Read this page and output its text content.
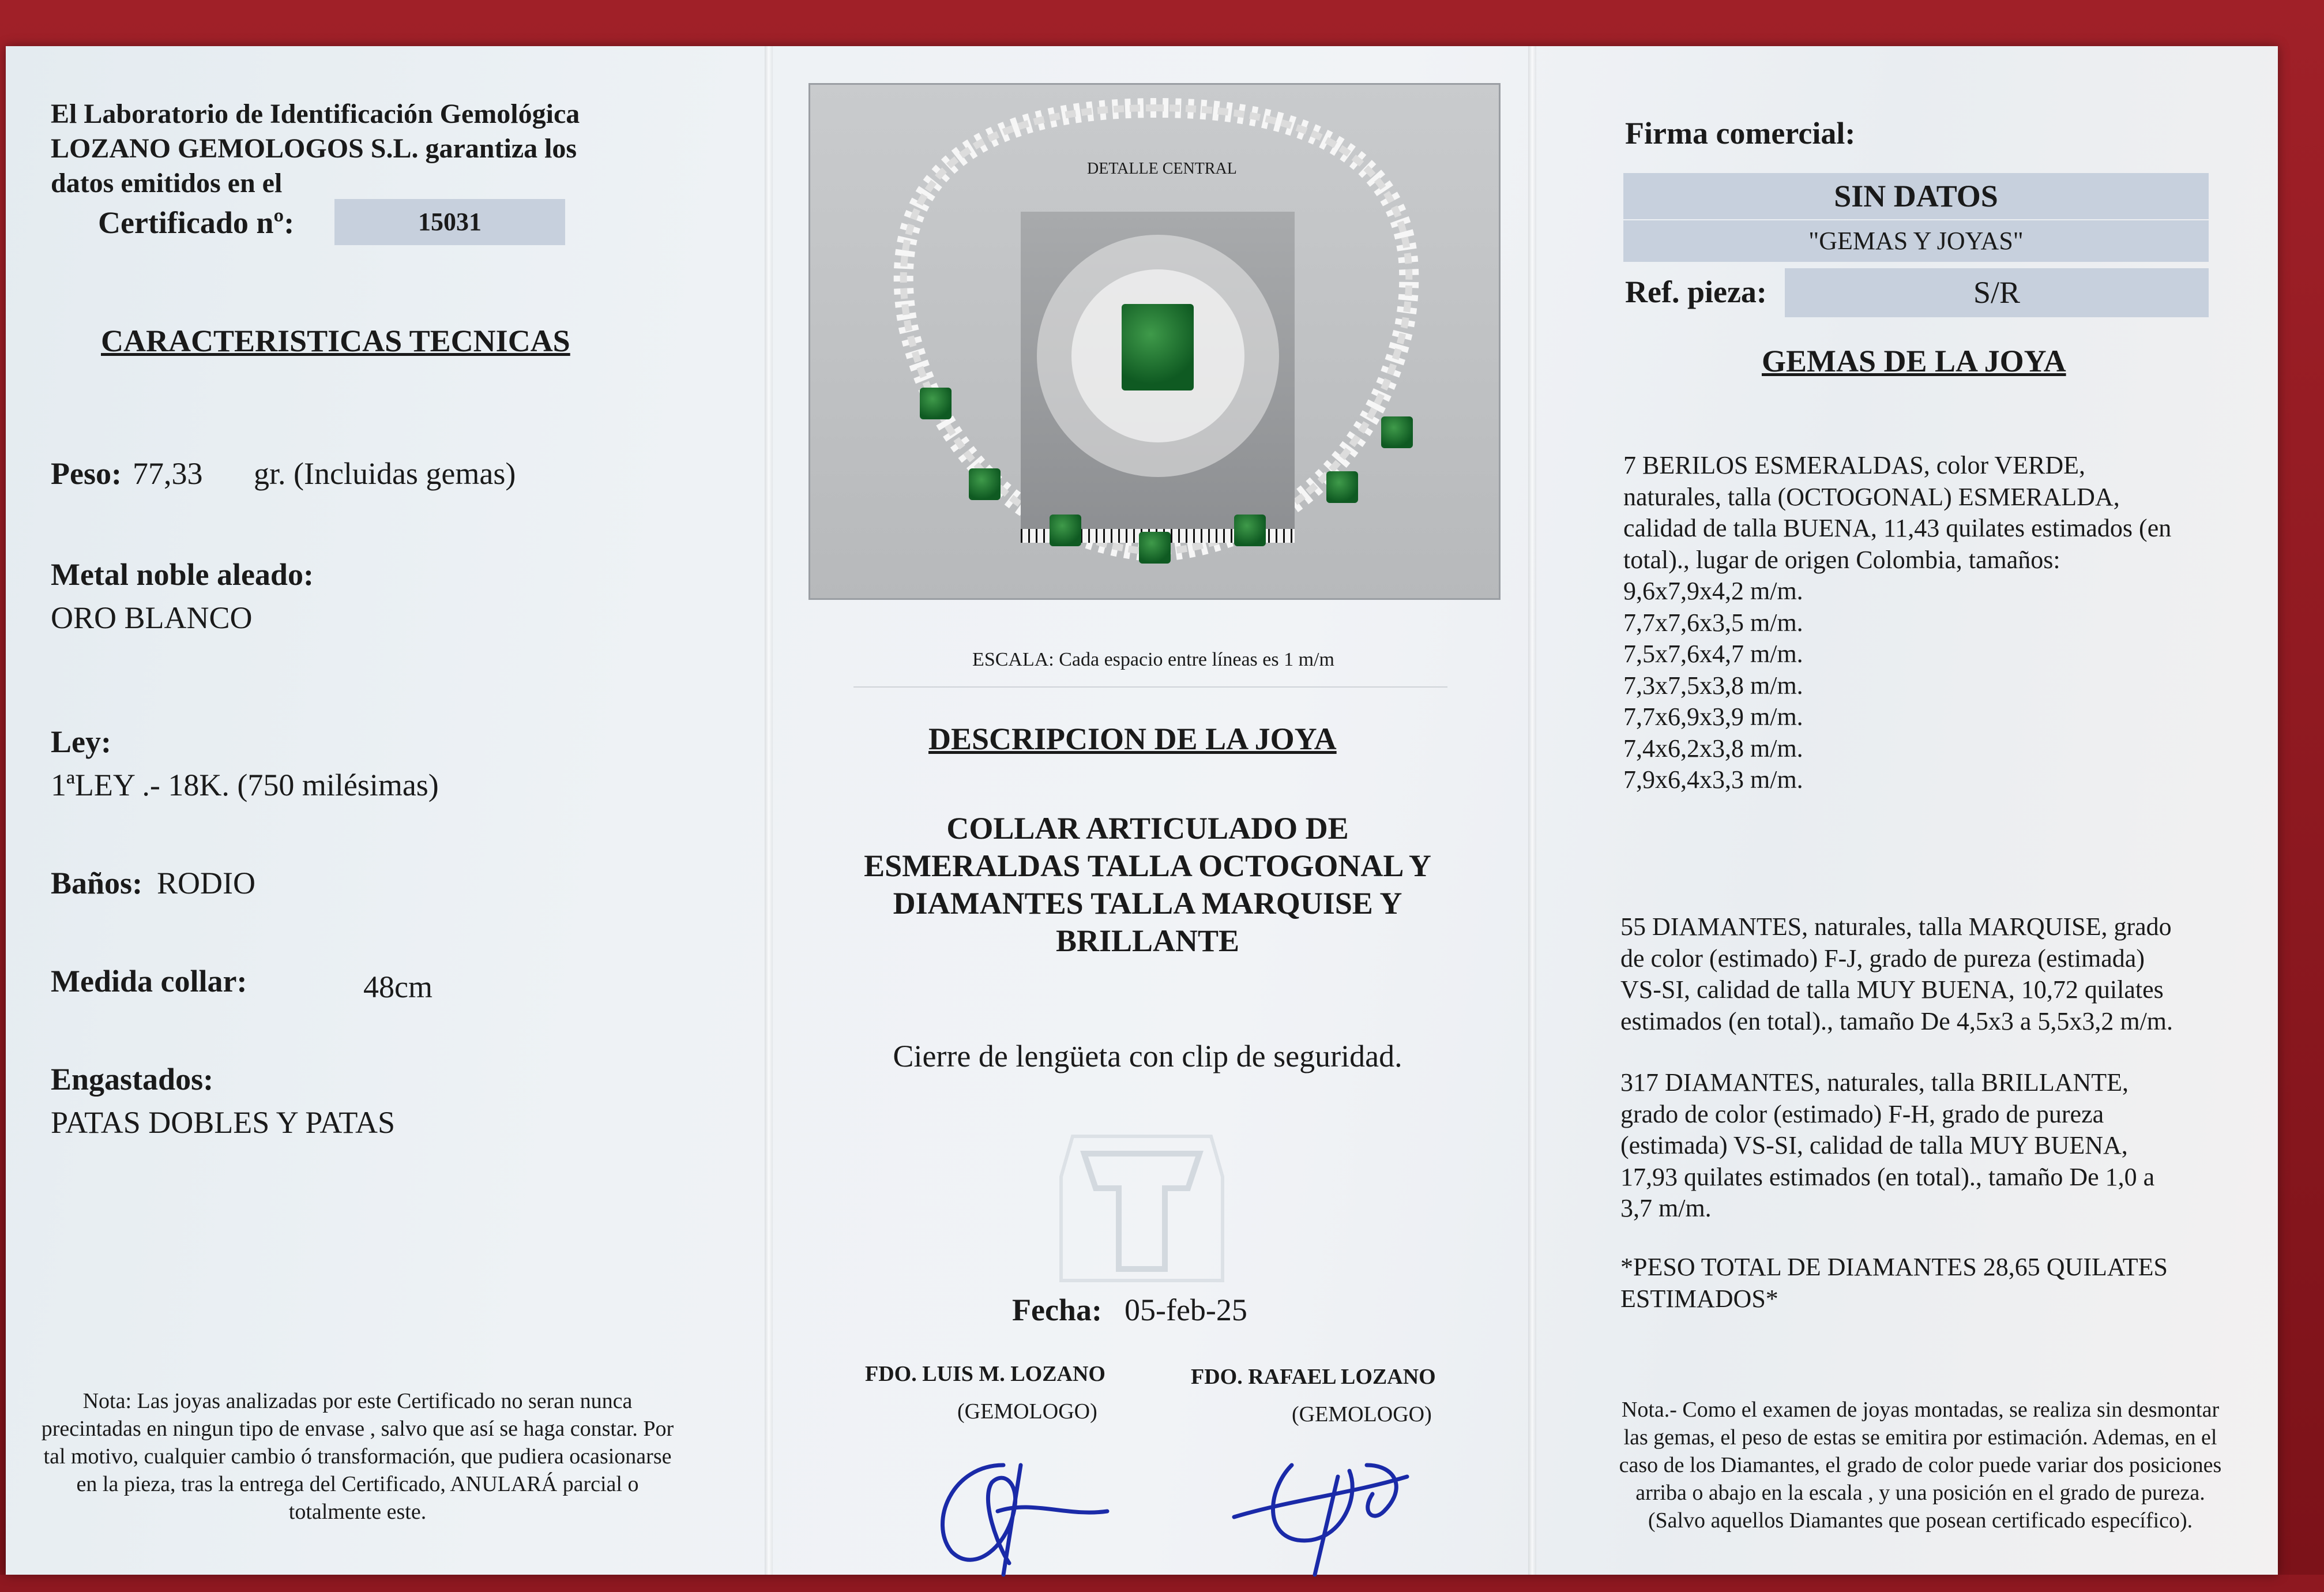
El Laboratorio de Identificación Gemológica
LOZANO GEMOLOGOS S.L. garantiza los
datos emitidos en el
Certificado nº:	15031
CARACTERISTICAS TECNICAS
Peso: 77,33 gr. (Incluidas gemas)
Metal noble aleado:
ORO BLANCO
Ley:
1ªLEY .- 18K. (750 milésimas)
Baños: RODIO
Medida collar:	48cm
Engastados:
PATAS DOBLES Y PATAS
Nota: Las joyas analizadas por este Certificado no seran nunca precintadas en ningun tipo de envase , salvo que así se haga constar. Por tal motivo, cualquier cambio ó transformación, que pudiera ocasionarse en la pieza, tras la entrega del Certificado, ANULARÁ parcial o totalmente este.
DESCRIPCION DE LA JOYA
COLLAR ARTICULADO DE
ESMERALDAS TALLA OCTOGONAL Y
DIAMANTES TALLA MARQUISE Y
BRILLANTE
Cierre de lengüeta con clip de seguridad.
Fecha: 05-feb-25
FDO. LUIS M. LOZANO
(GEMOLOGO)
FDO. RAFAEL LOZANO
(GEMOLOGO)
DETALLE CENTRAL
ESCALA: Cada espacio entre líneas es 1 m/m
Firma comercial:
SIN DATOS
"GEMAS Y JOYAS"
Ref. pieza:	S/R
GEMAS DE LA JOYA
7 BERILOS ESMERALDAS, color VERDE,
naturales, talla (OCTOGONAL) ESMERALDA,
calidad de talla BUENA, 11,43 quilates estimados (en
total)., lugar de origen Colombia, tamaños:
9,6x7,9x4,2 m/m.
7,7x7,6x3,5 m/m.
7,5x7,6x4,7 m/m.
7,3x7,5x3,8 m/m.
7,7x6,9x3,9 m/m.
7,4x6,2x3,8 m/m.
7,9x6,4x3,3 m/m.
55 DIAMANTES, naturales, talla MARQUISE, grado
de color (estimado) F-J, grado de pureza (estimada)
VS-SI, calidad de talla MUY BUENA, 10,72 quilates
estimados (en total)., tamaño De 4,5x3 a 5,5x3,2 m/m.
317 DIAMANTES, naturales, talla BRILLANTE,
grado de color (estimado) F-H, grado de pureza
(estimada) VS-SI, calidad de talla MUY BUENA,
17,93 quilates estimados (en total)., tamaño De 1,0 a
3,7 m/m.
*PESO TOTAL DE DIAMANTES 28,65 QUILATES
ESTIMADOS*
Nota.- Como el examen de joyas montadas, se realiza sin desmontar las gemas, el peso de estas se emitira por estimación. Ademas, en el caso de los Diamantes, el grado de color puede variar dos posiciones arriba o abajo en la escala , y una posición en el grado de pureza. (Salvo aquellos Diamantes que posean certificado específico).
